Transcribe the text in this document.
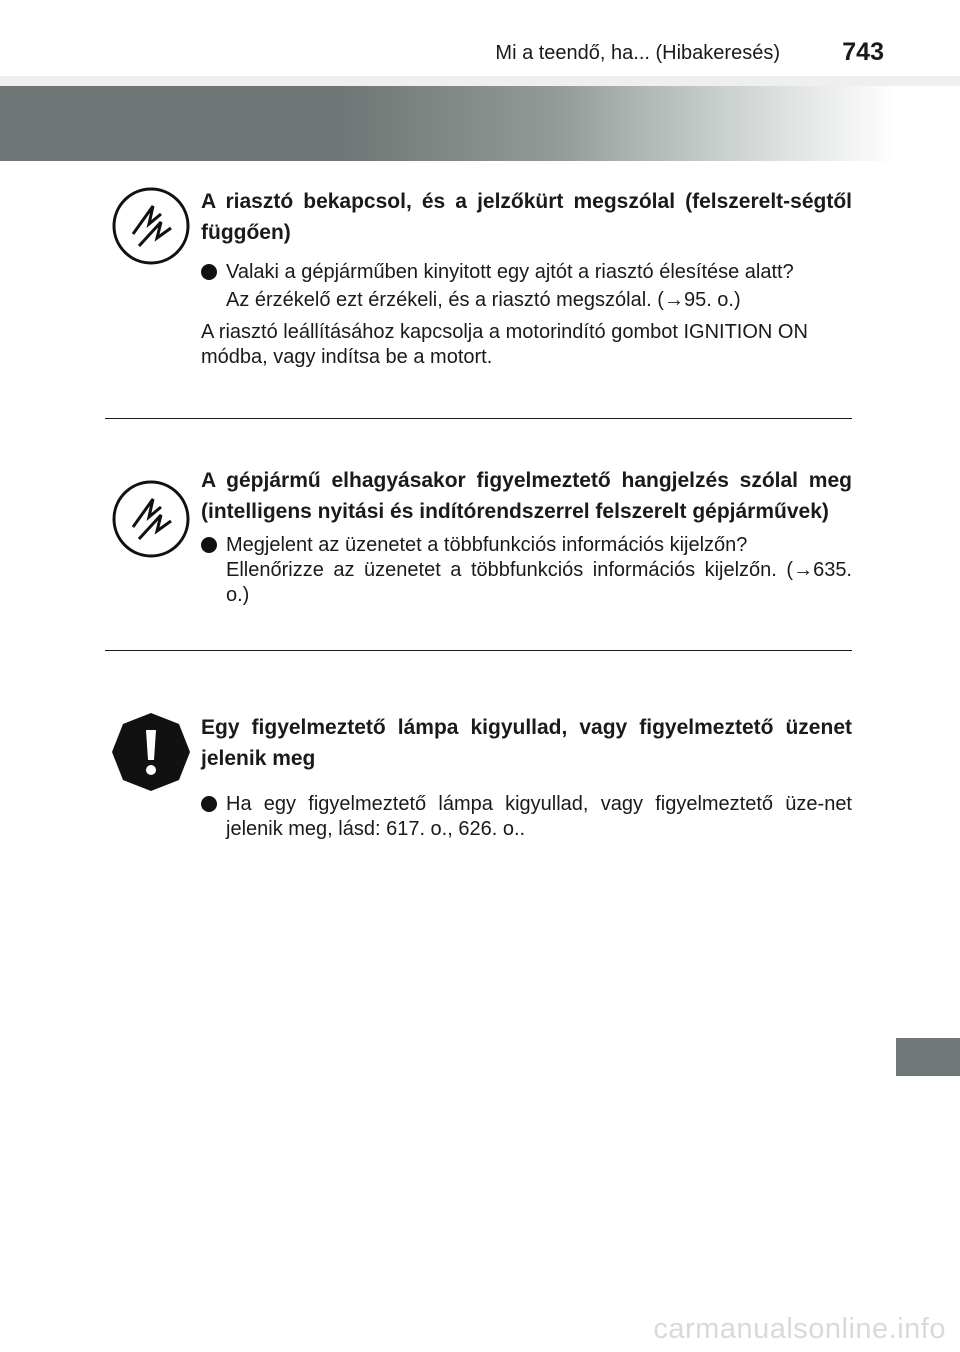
Mi a teendő, ha... (Hibakeresés) 743
A riasztó bekapcsol, és a jelzőkürt megszólal (felszerelt-ségtől függően)
Valaki a gépjárműben kinyitott egy ajtót a riasztó élesítése alatt?
Az érzékelő ezt érzékeli, és a riasztó megszólal. (→95. o.)
A riasztó leállításához kapcsolja a motorindító gombot IGNITION ON módba, vagy indítsa be a motort.
A gépjármű elhagyásakor figyelmeztető hangjelzés szólal meg (intelligens nyitási és indítórendszerrel felszerelt gépjárművek)
Megjelent az üzenetet a többfunkciós információs kijelzőn?
Ellenőrizze az üzenetet a többfunkciós információs kijelzőn. (→635. o.)
Egy figyelmeztető lámpa kigyullad, vagy figyelmeztető üzenet jelenik meg
Ha egy figyelmeztető lámpa kigyullad, vagy figyelmeztető üze-net jelenik meg, lásd: 617. o., 626. o..
carmanualsonline.info
